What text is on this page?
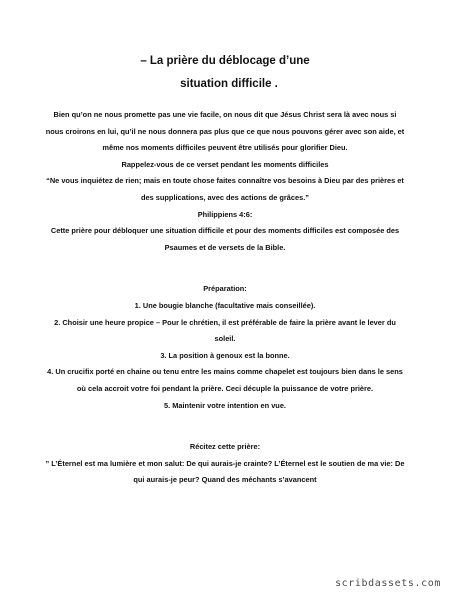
– La prière du déblocage d’une

situation difficile .

Bien qu’on ne nous promette pas une vie facile, on nous dit que Jésus Christ sera là avec nous si nous croirons en lui, qu’il ne nous donnera pas plus que ce que nous pouvons gérer avec son aide, et même nos moments difficiles peuvent être utilisés pour glorifier Dieu.

Rappelez-vous de ce verset pendant les moments difficiles

“Ne vous inquiétez de rien; mais en toute chose faites connaître vos besoins à Dieu par des prières et des supplications, avec des actions de grâces.”

Philippiens 4:6:

Cette prière pour débloquer une situation difficile et pour des moments difficiles est composée des Psaumes et de versets de la Bible.

Préparation:

1. Une bougie blanche (facultative mais conseillée).

2. Choisir une heure propice – Pour le chrétien, il est préférable de faire la prière avant le lever du soleil.

3. La position à genoux est la bonne.

4. Un crucifix porté en chaine ou tenu entre les mains comme chapelet est toujours bien dans le sens où cela accroit votre foi pendant la prière. Ceci décuple la puissance de votre prière.

5. Maintenir votre intention en vue.

Récitez cette prière:

” L’Éternel est ma lumière et mon salut: De qui aurais-je crainte? L’Éternel est le soutien de ma vie: De qui aurais-je peur? Quand des méchants s’avancent

scribdassets.com
